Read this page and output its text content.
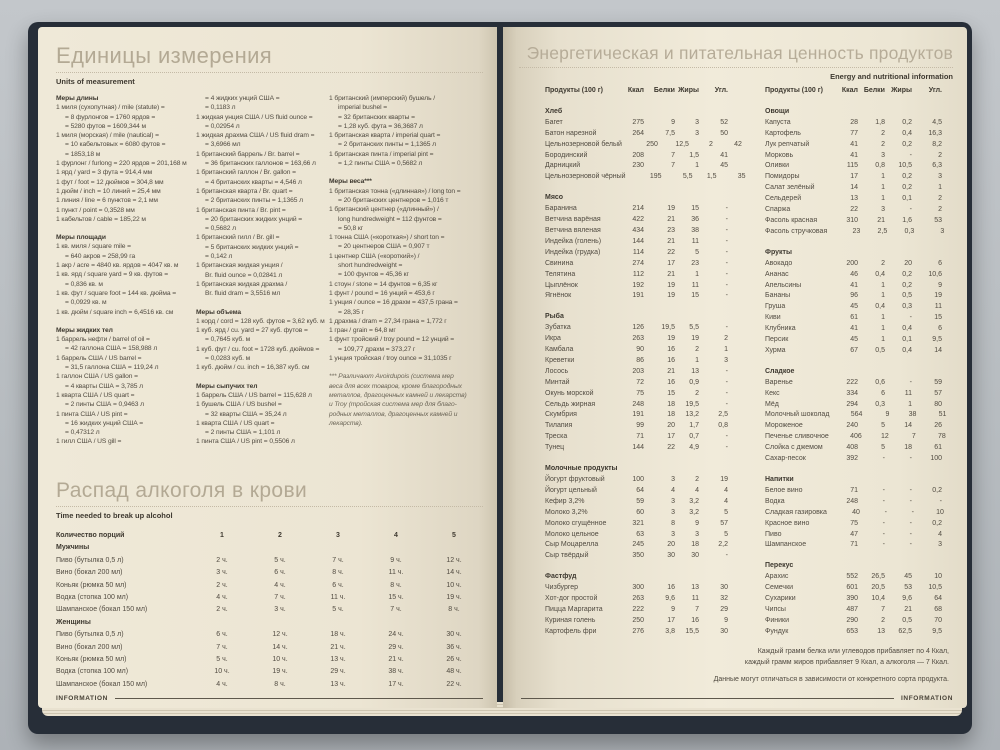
Единицы измерения
Units of measurement
Меры длины
1 миля (сухопутная) / mile (statute) =
= 8 фурлонгов = 1760 ярдов =
= 5280 футов = 1609,344 м
1 миля (морская) / mile (nautical) =
= 10 кабельтовых = 6080 футов =
= 1853,18 м
1 фурлонг / furlong = 220 ярдов = 201,168 м
1 ярд / yard = 3 фута = 914,4 мм
1 фут / foot = 12 дюймов = 304,8 мм
1 дюйм / inch = 10 линий = 25,4 мм
1 линия / line = 6 пунктов = 2,1 мм
1 пункт / point = 0,3528 мм
1 кабельтов / cable = 185,22 м
Меры площади
1 кв. миля / square mile =
= 640 акров = 258,99 га
1 акр / acre = 4840 кв. ярдов = 4047 кв. м
1 кв. ярд / square yard = 9 кв. футов =
= 0,836 кв. м
1 кв. фут / square foot = 144 кв. дюйма =
= 0,0929 кв. м
1 кв. дюйм / square inch = 6,4516 кв. см
Меры жидких тел
1 баррель нефти / barrel of oil =
= 42 галлона США = 158,988 л
1 баррель США / US barrel =
= 31,5 галлона США = 119,24 л
1 галлон США / US gallon =
= 4 кварты США = 3,785 л
1 кварта США / US quart =
= 2 пинты США = 0,9463 л
1 пинта США / US pint =
= 16 жидких унций США =
= 0,47312 л
1 гилл США / US gill =
= 4 жидких унций США =
= 0,1183 л
1 жидкая унция США / US fluid ounce =
= 0,02954 л
1 жидкая драхма США / US fluid dram =
= 3,6966 мл
1 британский баррель / Br. barrel =
= 36 британских галлонов = 163,66 л
1 британский галлон / Br. gallon =
= 4 британских кварты = 4,546 л
1 британская кварта / Br. quart =
= 2 британских пинты = 1,1365 л
1 британская пинта / Br. pint =
= 20 британских жидких унций =
= 0,5682 л
1 британский гилл / Br. gill =
= 5 британских жидких унций =
= 0,142 л
1 британская жидкая унция /
Br. fluid ounce = 0,02841 л
1 британская жидкая драхма /
Br. fluid dram = 3,5516 мл
Меры объема
1 корд / cord = 128 куб. футов = 3,62 куб. м
1 куб. ярд / cu. yard = 27 куб. футов =
= 0,7645 куб. м
1 куб. фут / cu. foot = 1728 куб. дюймов =
= 0,0283 куб. м
1 куб. дюйм / cu. inch = 16,387 куб. см
Меры сыпучих тел
1 баррель США / US barrel = 115,628 л
1 бушель США / US bushel =
= 32 кварты США = 35,24 л
1 кварта США / US quart =
= 2 пинты США = 1,101 л
1 пинта США / US pint = 0,5506 л
1 британский (имперский) бушель /
imperial bushel =
= 32 британских кварты =
= 1,28 куб. фута = 36,3687 л
1 британская кварта / imperial quart =
= 2 британских пинты = 1,1365 л
1 британская пинта / imperial pint =
= 1,2 пинты США = 0,5682 л
Меры веса***
1 британская тонна («длинная») / long ton =
= 20 британских центнеров = 1,016 т
1 британский центнер («длинный») /
long hundredweight = 112 фунтов =
= 50,8 кг
1 тонна США («короткая») / short ton =
= 20 центнеров США = 0,907 т
1 центнер США («короткий») /
short hundredweight =
= 100 фунтов = 45,36 кг
1 стоун / stone = 14 фунтов = 6,35 кг
1 фунт / pound = 16 унций = 453,6 г
1 унция / ounce = 16 драхм = 437,5 грана =
= 28,35 г
1 драхма / dram = 27,34 грана = 1,772 г
1 гран / grain = 64,8 мг
1 фунт тройский / troy pound = 12 унций =
= 109,77 драхм = 373,27 г
1 унция тройская / troy ounce = 31,1035 г
*** Различают Avoirdupois (система мер
веса для всех товаров, кроме благородных
металлов, драгоценных камней и лекарств)
и Troy (тройская система мер для благо-
родных металлов, драгоценных камней и
лекарств).
Распад алкоголя в крови
Time needed to break up alcohol
Количество порций	1	2	3	4	5
Мужчины
Пиво (бутылка 0,5 л)	2 ч.	5 ч.	7 ч.	9 ч.	12 ч.
Вино (бокал 200 мл)	3 ч.	6 ч.	8 ч.	11 ч.	14 ч.
Коньяк (рюмка 50 мл)	2 ч.	4 ч.	6 ч.	8 ч.	10 ч.
Водка (стопка 100 мл)	4 ч.	7 ч.	11 ч.	15 ч.	19 ч.
Шампанское (бокал 150 мл)	2 ч.	3 ч.	5 ч.	7 ч.	8 ч.
Женщины
Пиво (бутылка 0,5 л)	6 ч.	12 ч.	18 ч.	24 ч.	30 ч.
Вино (бокал 200 мл)	7 ч.	14 ч.	21 ч.	29 ч.	36 ч.
Коньяк (рюмка 50 мл)	5 ч.	10 ч.	13 ч.	21 ч.	26 ч.
Водка (стопка 100 мл)	10 ч.	19 ч.	29 ч.	38 ч.	48 ч.
Шампанское (бокал 150 мл)	4 ч.	8 ч.	13 ч.	17 ч.	22 ч.
INFORMATION
Энергетическая и питательная ценность продуктов
Energy and nutritional information
Продукты (100 г)	Ккал	Белки Жиры	Угл.
Хлеб
Багет	275	9	3	52
Батон нарезной	264	7,5	3	50
Цельнозерновой белый	250	12,5	2	42
Бородинский	208	7	1,5	41
Дарницкий	230	7	1	45
Цельнозерновой чёрный	195	5,5	1,5	35
Мясо
Баранина	214	19	15	-
Ветчина варёная	422	21	36	-
Ветчина вяленая	434	23	38	-
Индейка (голень)	144	21	11	-
Индейка (грудка)	114	22	5	-
Свинина	274	17	23	-
Телятина	112	21	1	-
Цыплёнок	192	19	11	-
Ягнёнок	191	19	15	-
Рыба
Зубатка	126	19,5	5,5	-
Икра	263	19	19	2
Камбала	90	16	2	1
Креветки	86	16	1	3
Лосось	203	21	13	-
Минтай	72	16	0,9	-
Окунь морской	75	15	2	-
Сельдь жирная	248	18	19,5	-
Скумбрия	191	18	13,2	2,5
Тилапия	99	20	1,7	0,8
Треска	71	17	0,7	-
Тунец	144	22	4,9	-
Молочные продукты
Йогурт фруктовый	100	3	2	19
Йогурт цельный	64	4	4	4
Кефир 3,2%	59	3	3,2	4
Молоко 3,2%	60	3	3,2	5
Молоко сгущённое	321	8	9	57
Молоко цельное	63	3	3	5
Сыр Моцарелла	245	20	18	2,2
Сыр твёрдый	350	30	30	-
Фастфуд
Чизбургер	300	16	13	30
Хот-дог простой	263	9,6	11	32
Пицца Маргарита	222	9	7	29
Куриная голень	250	17	16	9
Картофель фри	276	3,8	15,5	30
Продукты (100 г)	Ккал Белки Жиры	Угл.
Овощи
Капуста	28	1,8	0,2	4,5
Картофель	77	2	0,4	16,3
Лук репчатый	41	2	0,2	8,2
Морковь	41	3	-	2
Оливки	115	0,8	10,5	6,3
Помидоры	17	1	0,2	3
Салат зелёный	14	1	0,2	1
Сельдерей	13	1	0,1	2
Спаржа	22	3	-	2
Фасоль красная	310	21	1,6	53
Фасоль стручковая	23	2,5	0,3	3
Фрукты
Авокадо	200	2	20	6
Ананас	46	0,4	0,2	10,6
Апельсины	41	1	0,2	9
Бананы	96	1	0,5	19
Груша	45	0,4	0,3	11
Киви	61	1	-	15
Клубника	41	1	0,4	6
Персик	45	1	0,1	9,5
Хурма	67	0,5	0,4	14
Сладкое
Варенье	222	0,6	-	59
Кекс	334	6	11	57
Мёд	294	0,3	1	80
Молочный шоколад	564	9	38	51
Мороженое	240	5	14	26
Печенье сливочное	406	12	7	78
Слойка с джемом	408	5	18	61
Сахар-песок	392	-	-	100
Напитки
Белое вино	71	-	-	0,2
Водка	248	-	-	-
Сладкая газировка	40	-	-	10
Красное вино	75	-	-	0,2
Пиво	47	-	-	4
Шампанское	71	-	-	3
Перекус
Арахис	552	26,5	45	10
Семечки	601	20,5	53	10,5
Сухарики	390	10,4	9,6	64
Чипсы	487	7	21	68
Финики	290	2	0,5	70
Фундук	653	13	62,5	9,5
Каждый грамм белка или углеводов прибавляет по 4 Ккал,
каждый грамм жиров прибавляет 9 Ккал, а алкоголя — 7 Ккал.
Данные могут отличаться в зависимости от конкретного сорта продукта.
INFORMATION
